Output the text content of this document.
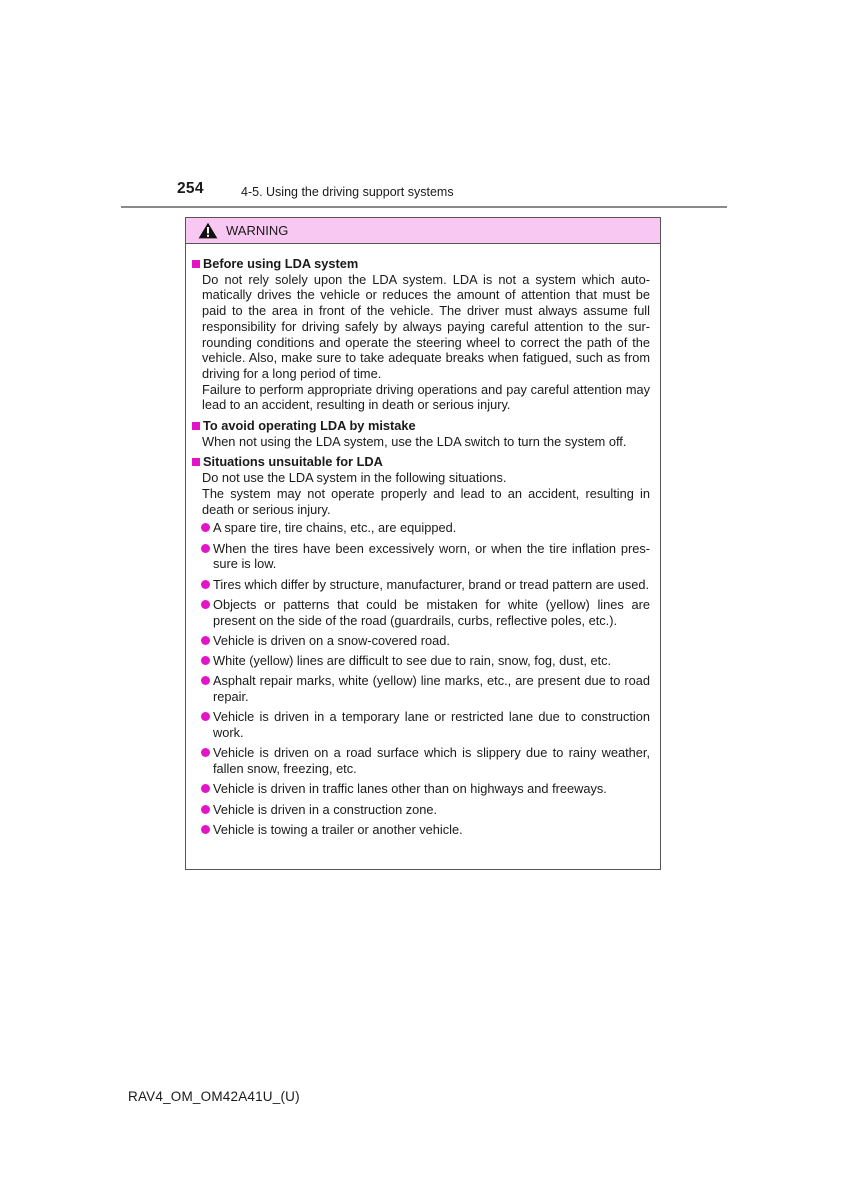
254	4-5. Using the driving support systems
WARNING
Before using LDA system
Do not rely solely upon the LDA system. LDA is not a system which auto-matically drives the vehicle or reduces the amount of attention that must be paid to the area in front of the vehicle. The driver must always assume full responsibility for driving safely by always paying careful attention to the sur-rounding conditions and operate the steering wheel to correct the path of the vehicle. Also, make sure to take adequate breaks when fatigued, such as from driving for a long period of time.
Failure to perform appropriate driving operations and pay careful attention may lead to an accident, resulting in death or serious injury.
To avoid operating LDA by mistake
When not using the LDA system, use the LDA switch to turn the system off.
Situations unsuitable for LDA
Do not use the LDA system in the following situations.
The system may not operate properly and lead to an accident, resulting in death or serious injury.
A spare tire, tire chains, etc., are equipped.
When the tires have been excessively worn, or when the tire inflation pres-sure is low.
Tires which differ by structure, manufacturer, brand or tread pattern are used.
Objects or patterns that could be mistaken for white (yellow) lines are present on the side of the road (guardrails, curbs, reflective poles, etc.).
Vehicle is driven on a snow-covered road.
White (yellow) lines are difficult to see due to rain, snow, fog, dust, etc.
Asphalt repair marks, white (yellow) line marks, etc., are present due to road repair.
Vehicle is driven in a temporary lane or restricted lane due to construction work.
Vehicle is driven on a road surface which is slippery due to rainy weather, fallen snow, freezing, etc.
Vehicle is driven in traffic lanes other than on highways and freeways.
Vehicle is driven in a construction zone.
Vehicle is towing a trailer or another vehicle.
RAV4_OM_OM42A41U_(U)
